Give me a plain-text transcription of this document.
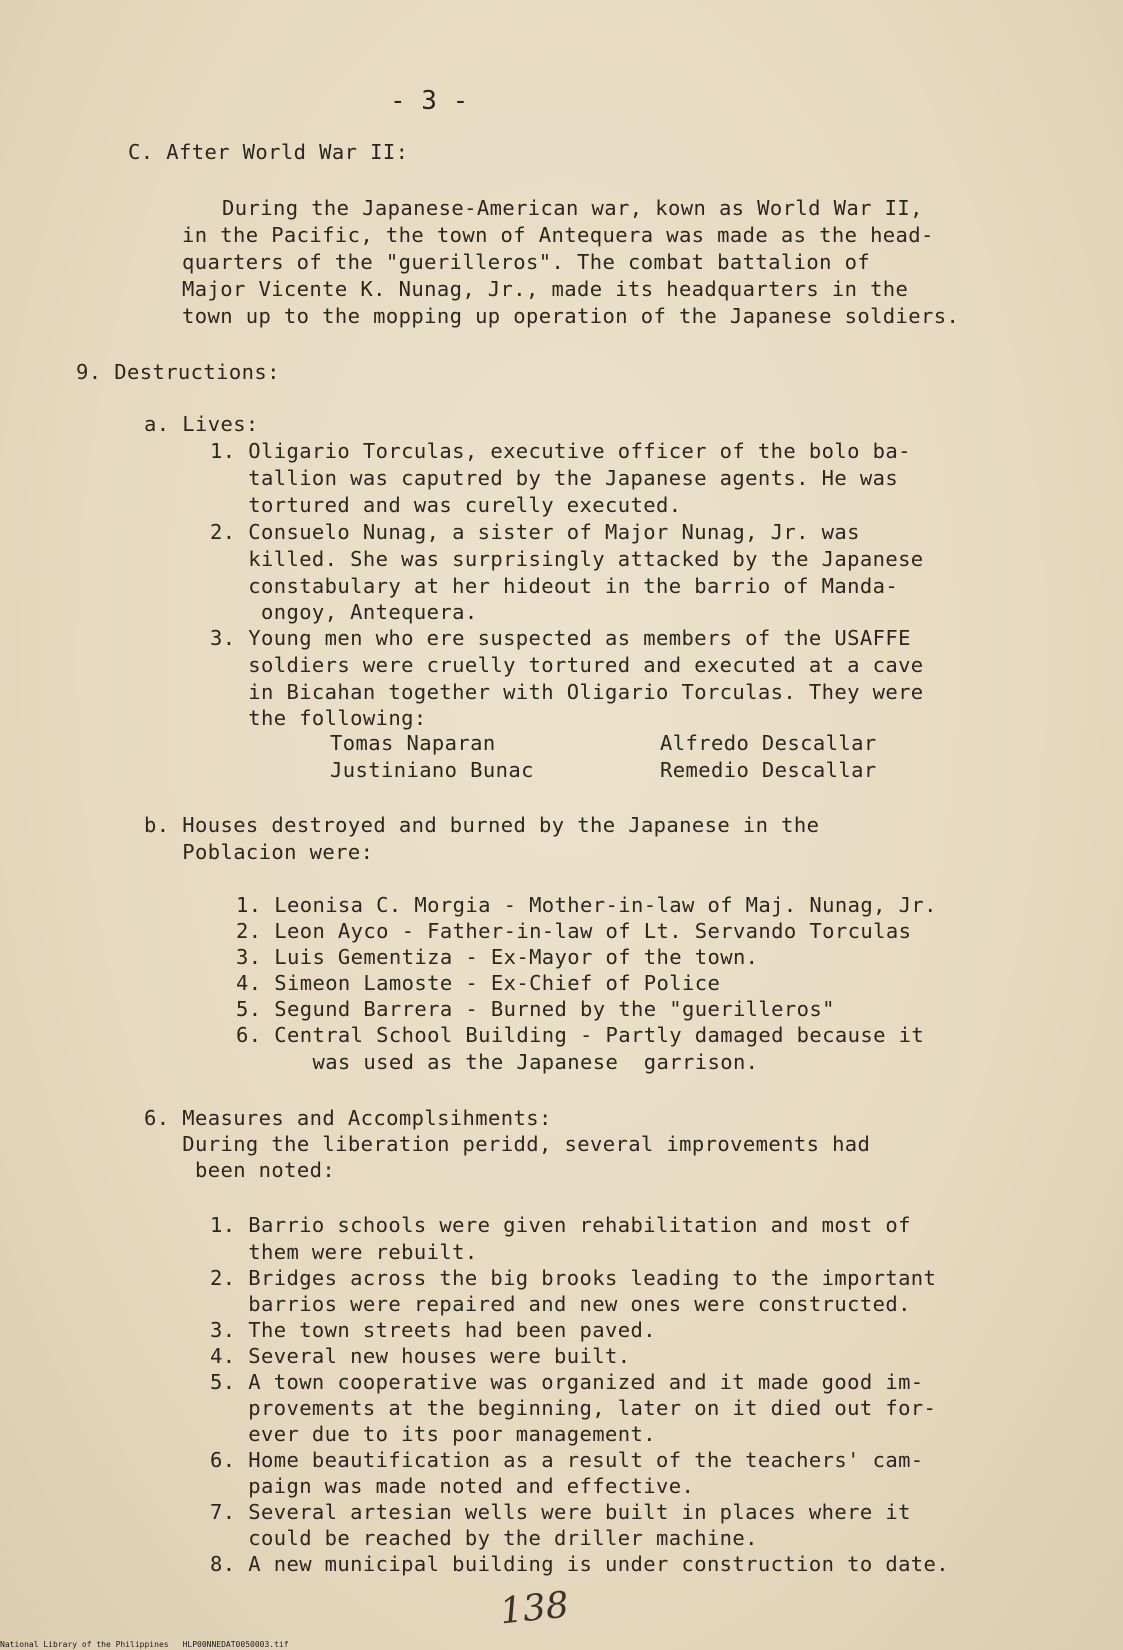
- 3 -
C. After World War II:
During the Japanese-American war, kown as World War II,
in the Pacific, the town of Antequera was made as the head-
quarters of the "guerilleros". The combat battalion of
Major Vicente K. Nunag, Jr., made its headquarters in the
town up to the mopping up operation of the Japanese soldiers.
9. Destructions:
a. Lives:
1. Oligario Torculas, executive officer of the bolo ba-
tallion was caputred by the Japanese agents. He was
tortured and was curelly executed.
2. Consuelo Nunag, a sister of Major Nunag, Jr. was
killed. She was surprisingly attacked by the Japanese
constabulary at her hideout in the barrio of Manda-
ongoy, Antequera.
3. Young men who ere suspected as members of the USAFFE
soldiers were cruelly tortured and executed at a cave
in Bicahan together with Oligario Torculas. They were
the following:
Tomas Naparan	Alfredo Descallar
Justiniano Bunac	Remedio Descallar
b. Houses destroyed and burned by the Japanese in the
Poblacion were:
1. Leonisa C. Morgia - Mother-in-law of Maj. Nunag, Jr.
2. Leon Ayco - Father-in-law of Lt. Servando Torculas
3. Luis Gementiza - Ex-Mayor of the town.
4. Simeon Lamoste - Ex-Chief of Police
5. Segund Barrera - Burned by the "guerilleros"
6. Central School Building - Partly damaged because it
was used as the Japanese  garrison.
6. Measures and Accomplsihments:
During the liberation peridd, several improvements had
been noted:
1. Barrio schools were given rehabilitation and most of
them were rebuilt.
2. Bridges across the big brooks leading to the important
barrios were repaired and new ones were constructed.
3. The town streets had been paved.
4. Several new houses were built.
5. A town cooperative was organized and it made good im-
provements at the beginning, later on it died out for-
ever due to its poor management.
6. Home beautification as a result of the teachers' cam-
paign was made noted and effective.
7. Several artesian wells were built in places where it
could be reached by the driller machine.
8. A new municipal building is under construction to date.
138
National Library of the Philippines HLP00NNEDAT0050003.tif
